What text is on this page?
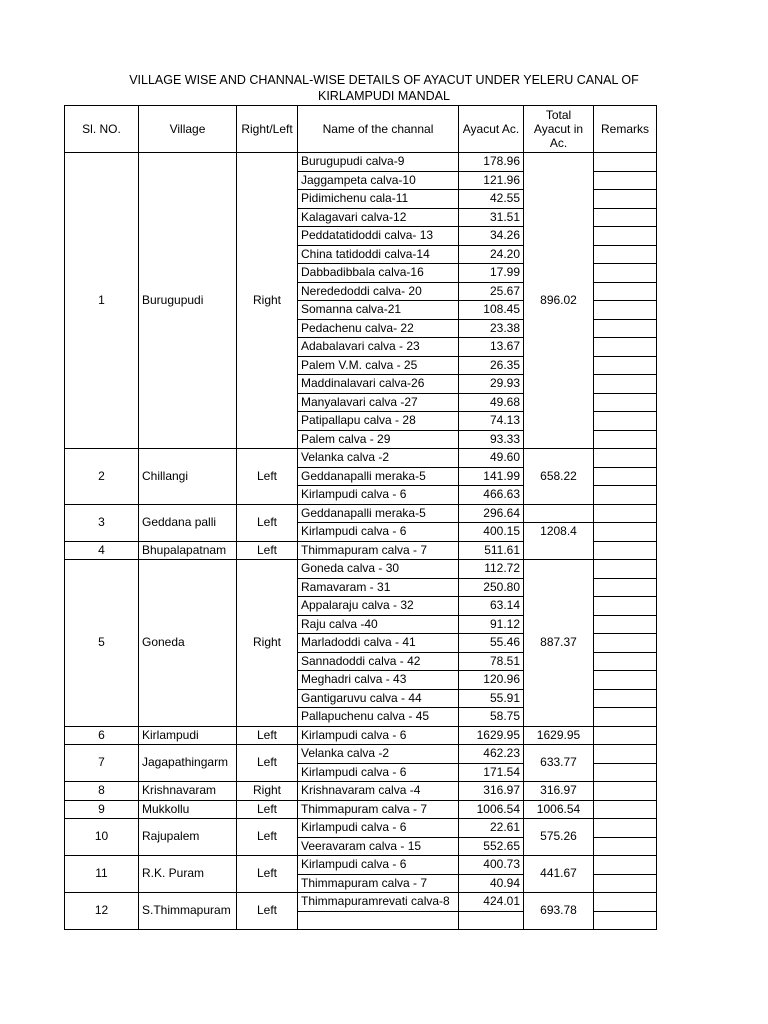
VILLAGE WISE AND CHANNAL-WISE DETAILS OF AYACUT UNDER YELERU CANAL OF
KIRLAMPUDI MANDAL
Sl. NO.	Village	Right/Left	Name of the channal	Ayacut Ac.	Total Ayacut in Ac.	Remarks
1	Burugupudi	Right	Burugupudi calva-9	178.96	896.02	
			Jaggampeta calva-10	121.96		
			Pidimichenu cala-11	42.55		
			Kalagavari calva-12	31.51		
			Peddatatidoddi calva- 13	34.26		
			China tatidoddi calva-14	24.20		
			Dabbadibbala calva-16	17.99		
			Nerededoddi calva- 20	25.67		
			Somanna calva-21	108.45		
			Pedachenu calva- 22	23.38		
			Adabalavari calva - 23	13.67		
			Palem V.M. calva - 25	26.35		
			Maddinalavari calva-26	29.93		
			Manyalavari calva -27	49.68		
			Patipallapu calva - 28	74.13		
			Palem calva - 29	93.33		
2	Chillangi	Left	Velanka calva -2	49.60	658.22	
			Geddanapalli meraka-5	141.99		
			Kirlampudi calva - 6	466.63		
3	Geddana palli	Left	Geddanapalli meraka-5	296.64		
			Kirlampudi calva - 6	400.15	1208.4	
4	Bhupalapatnam	Left	Thimmapuram calva - 7	511.61		
5	Goneda	Right	Goneda calva - 30	112.72	887.37	
			Ramavaram - 31	250.80		
			Appalaraju calva - 32	63.14		
			Raju calva -40	91.12		
			Marladoddi calva - 41	55.46		
			Sannadoddi calva - 42	78.51		
			Meghadri calva - 43	120.96		
			Gantigaruvu calva - 44	55.91		
			Pallapuchenu calva - 45	58.75		
6	Kirlampudi	Left	Kirlampudi calva - 6	1629.95	1629.95	
7	Jagapathingarm	Left	Velanka calva -2	462.23	633.77	
			Kirlampudi calva - 6	171.54		
8	Krishnavaram	Right	Krishnavaram calva -4	316.97	316.97	
9	Mukkollu	Left	Thimmapuram calva - 7	1006.54	1006.54	
10	Rajupalem	Left	Kirlampudi calva - 6	22.61	575.26	
			Veeravaram calva - 15	552.65		
11	R.K. Puram	Left	Kirlampudi calva - 6	400.73	441.67	
			Thimmapuram calva - 7	40.94		
12	S.Thimmapuram	Left	Thimmapuramrevati calva-8	424.01	693.78	
